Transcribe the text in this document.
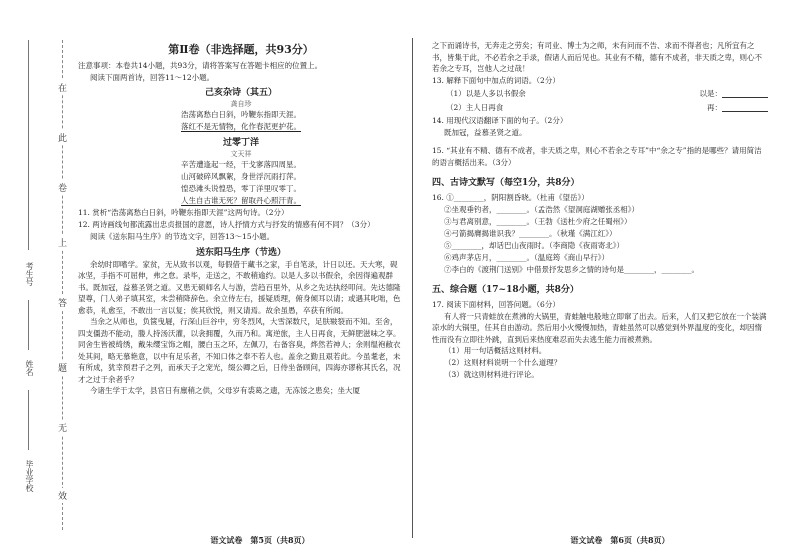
考生号
姓名
毕业学校
在
此
卷
上
答
题
无
效
第Ⅱ卷（非选择题，共93分）
注意事项：本卷共14小题，共93分，请将答案写在答题卡相应的位置上。
阅读下面两首诗，回答11～12小题。
己亥杂诗（其五）
龚自珍
浩荡离愁白日斜，吟鞭东指即天涯。
落红不是无情物，化作春泥更护花。
过零丁洋
文天祥
辛苦遭逢起一经，干戈寥落四周星。
山河破碎风飘絮，身世浮沉雨打萍。
惶恐滩头说惶恐，零丁洋里叹零丁。
人生自古谁无死？留取丹心照汗青。
11. 赏析“浩荡离愁白日斜，吟鞭东指即天涯”这两句诗。（2分）
12. 两诗画线句都流露出忠贞报国的意愿，诗人抒情方式与抒发的情感有何不同？（3分）
阅读《送东阳马生序》的节选文字，回答13～15小题。
送东阳马生序（节选）
余幼时即嗜学。家贫，无从致书以观，每假借于藏书之家，手自笔录，计日以还。天大寒，砚冰坚，手指不可屈伸，弗之怠。录毕，走送之，不敢稍逾约。以是人多以书假余，余因得遍观群书。既加冠，益慕圣贤之道。又患无硕师名人与游，尝趋百里外，从乡之先达执经叩问。先达德隆望尊，门人弟子填其室，未尝稍降辞色。余立侍左右，援疑质理，俯身倾耳以请；或遇其叱咄，色愈恭，礼愈至，不敢出一言以复；俟其欣悦，则又请焉。故余虽愚，卒获有所闻。
当余之从师也，负箧曳屣，行深山巨谷中，穷冬烈风，大雪深数尺，足肤皲裂而不知。至舍，四支僵劲不能动，媵人持汤沃灌，以衾拥覆，久而乃和。寓逆旅，主人日再食，无鲜肥滋味之享。同舍生皆被绮绣，戴朱缨宝饰之帽，腰白玉之环，左佩刀，右备容臭，烨然若神人；余则缊袍敝衣处其间，略无慕艳意，以中有足乐者，不知口体之奉不若人也。盖余之勤且艰若此。今虽耄老，未有所成，犹幸预君子之列，而承天子之宠光，缀公卿之后，日侍坐备顾问，四海亦谬称其氏名，况才之过于余者乎？
今诸生学于太学，县官日有廪稍之供，父母岁有裘葛之遗，无冻馁之患矣；坐大厦
语文试卷　第5页（共8页）
之下而诵诗书，无奔走之劳矣；有司业、博士为之师，未有问而不告、求而不得者也；凡所宜有之书，皆集于此，不必若余之手录，假诸人而后见也。其业有不精，德有不成者，非天质之卑，则心不若余之专耳，岂他人之过哉！
13. 解释下面句中加点的词语。（2分）
（1）以是人多以书假余	以是：
（2）主人日再食	再：
14. 用现代汉语翻译下面的句子。（2分）
既加冠，益慕圣贤之道。
15. “其业有不精、德有不成者，非天质之卑，则心不若余之专耳”中“余之专”指的是哪些？请用简洁的语言概括出来。（3分）
四、古诗文默写（每空1分，共8分）
16. ①________，阴阳割昏晓。（杜甫《望岳》）
②坐观垂钓者，________。（孟浩然《望洞庭湖赠张丞相》）
③与君离别意，________。（王勃《送杜少府之任蜀州》）
④弓箭揭膺揭谁识我？________。（秋瑾《满江红》）
⑤________，却话巴山夜雨时。（李商隐《夜雨寄北》）
⑥鸡声茅店月，________。（温庭筠《商山早行》）
⑦李白的《渡荆门送别》中借景抒发思乡之情的诗句是________，________。
五、综合题（17~18小题，共8分）
17. 阅读下面材料，回答问题。（6分）
有人将一只青蛙放在煮沸的大锅里，青蛙触电般地立即窜了出去。后来，人们又把它放在一个装满凉水的大锅里，任其自由游动。然后用小火慢慢加热，青蛙虽然可以感觉到外界温度的变化，却因惰性而没有立即往外跳，直到后来热度难忍而失去逃生能力而被煮熟。
（1）用一句话概括这则材料。
（2）这则材料说明一个什么道理？
（3）就这则材料进行评论。
语文试卷　第6页（共8页）
